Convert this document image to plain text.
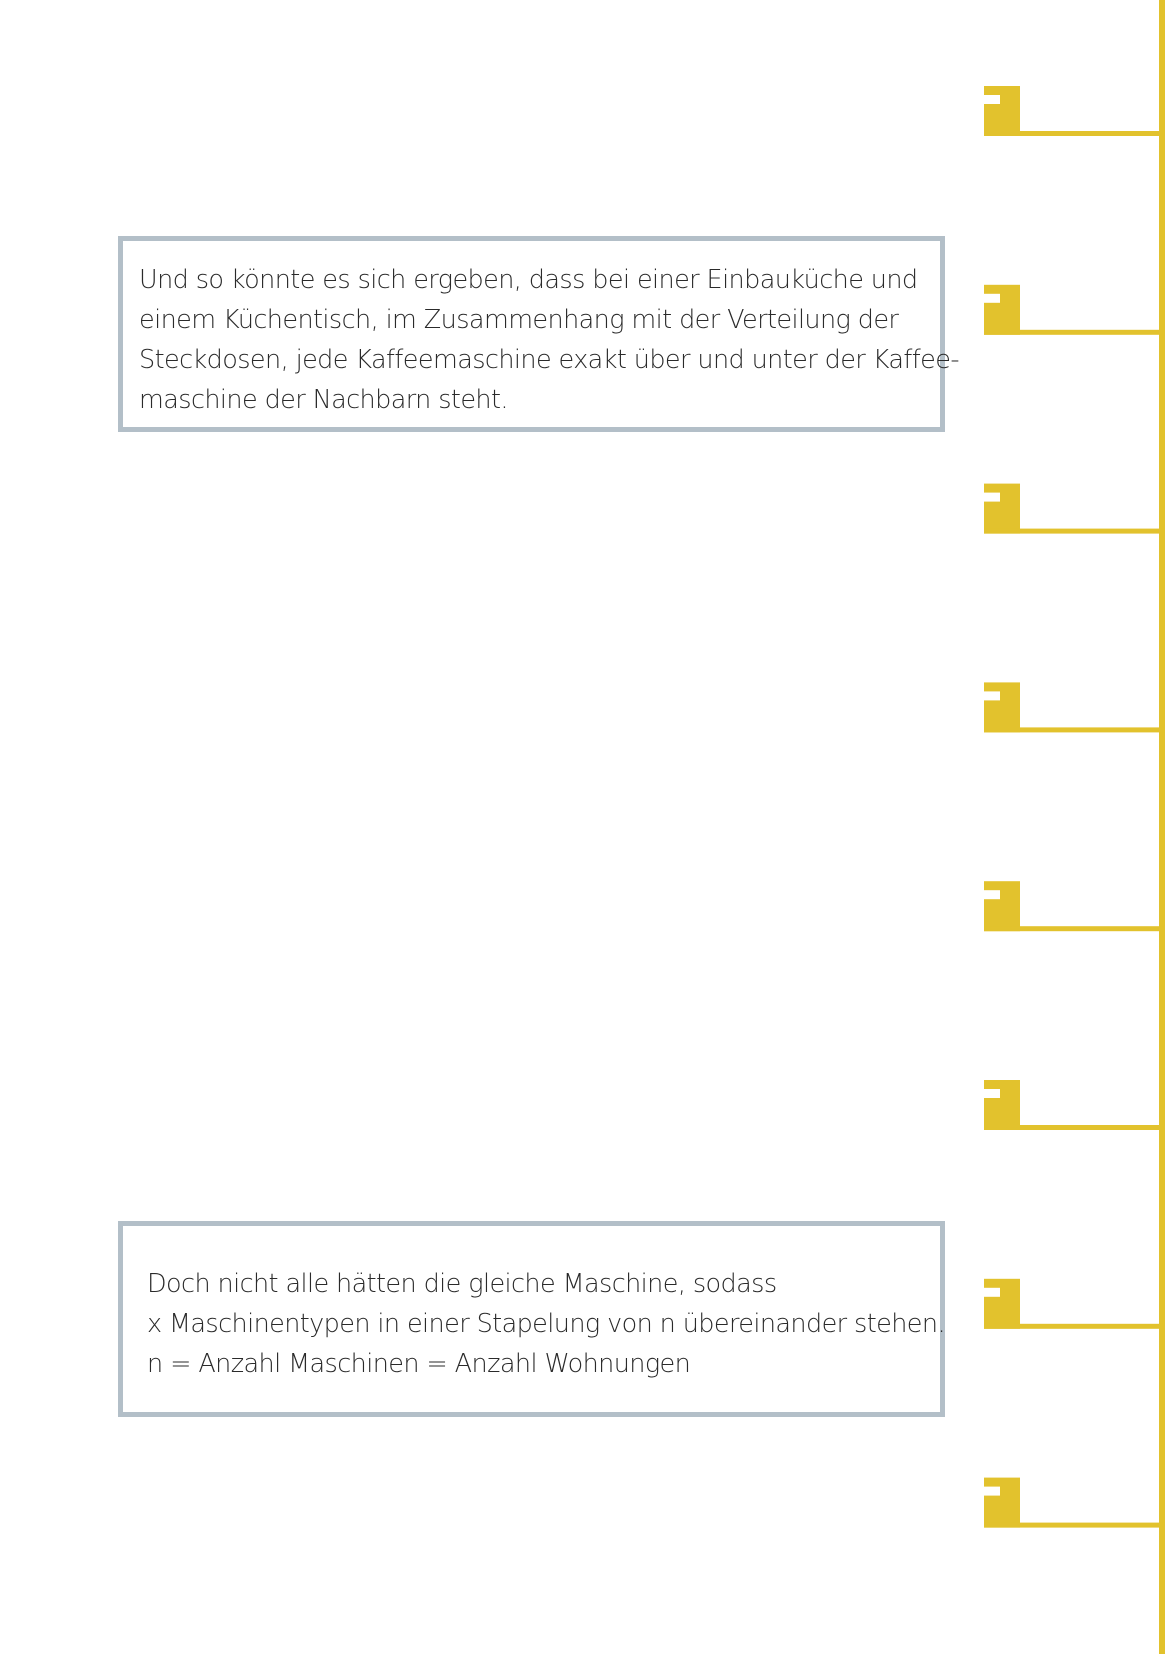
Und so könnte es sich ergeben, dass bei einer Einbauküche und
einem Küchentisch, im Zusammenhang mit der Verteilung der
Steckdosen, jede Kaffeemaschine exakt über und unter der Kaffee-
maschine der Nachbarn steht.
Doch nicht alle hätten die gleiche Maschine, sodass
x Maschinentypen in einer Stapelung von n übereinander stehen.
n = Anzahl Maschinen = Anzahl Wohnungen
